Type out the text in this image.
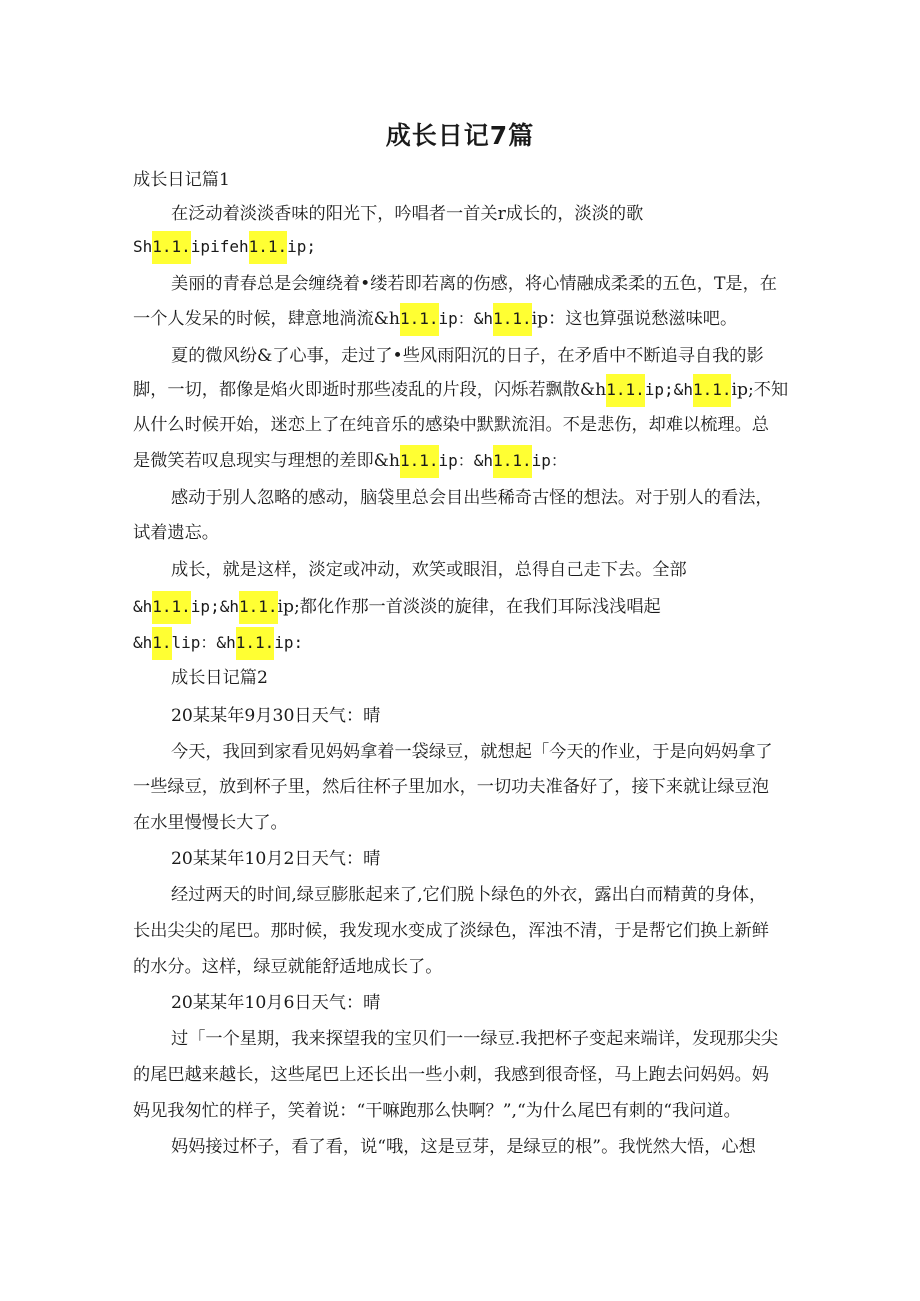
成长日记7篇
成长日记篇1
在泛动着淡淡香味的阳光下，吟唱者一首关r成长的，淡淡的歌
Sh1.1.ipifeh1.1.ip;
美丽的青春总是会缠绕着•缕若即若离的伤感，将心情融成柔柔的五色，T是，在
一个人发呆的时候，肆意地淌流&h1.1.ip：&h1.1.ip：这也算强说愁滋味吧。
夏的微风纷&了心事，走过了•些风雨阳沉的日子，在矛盾中不断追寻自我的影
脚，一切，都像是焰火即逝时那些凌乱的片段，闪烁若飘散&h1.1.ip;&h1.1.ip;不知
从什么时候开始，迷恋上了在纯音乐的感染中默默流泪。不是悲伤，却难以梳理。总
是微笑若叹息现实与理想的差即&h1.1.ip：&h1.1.ip：
感动于别人忽略的感动，脑袋里总会目出些稀奇古怪的想法。对于别人的看法，
试着遗忘。
成长，就是这样，淡定或冲动，欢笑或眼泪，总得自己走下去。全部
&h1.1.ip;&h1.1.ip;都化作那一首淡淡的旋律，在我们耳际浅浅唱起
&h1.lip：&h1.1.ip:
成长日记篇2
20某某年9月30日天气：晴
今天，我回到家看见妈妈拿着一袋绿豆，就想起「今天的作业，于是向妈妈拿了
一些绿豆，放到杯子里，然后往杯子里加水，一切功夫准备好了，接下来就让绿豆泡
在水里慢慢长大了。
20某某年10月2日天气：晴
经过两天的时间,绿豆膨胀起来了,它们脱卜绿色的外衣，露出白而精黄的身体，
长出尖尖的尾巴。那时候，我发现水变成了淡绿色，浑浊不清，于是帮它们换上新鲜
的水分。这样，绿豆就能舒适地成长了。
20某某年10月6日天气：晴
过「一个星期，我来探望我的宝贝们一一绿豆.我把杯子变起来端详，发现那尖尖
的尾巴越来越长，这些尾巴上还长出一些小刺，我感到很奇怪，马上跑去问妈妈。妈
妈见我匆忙的样子，笑着说：“干嘛跑那么快啊？”,“为什么尾巴有刺的“我问道。
妈妈接过杯子，看了看，说“哦，这是豆芽，是绿豆的根”。我恍然大悟，心想
